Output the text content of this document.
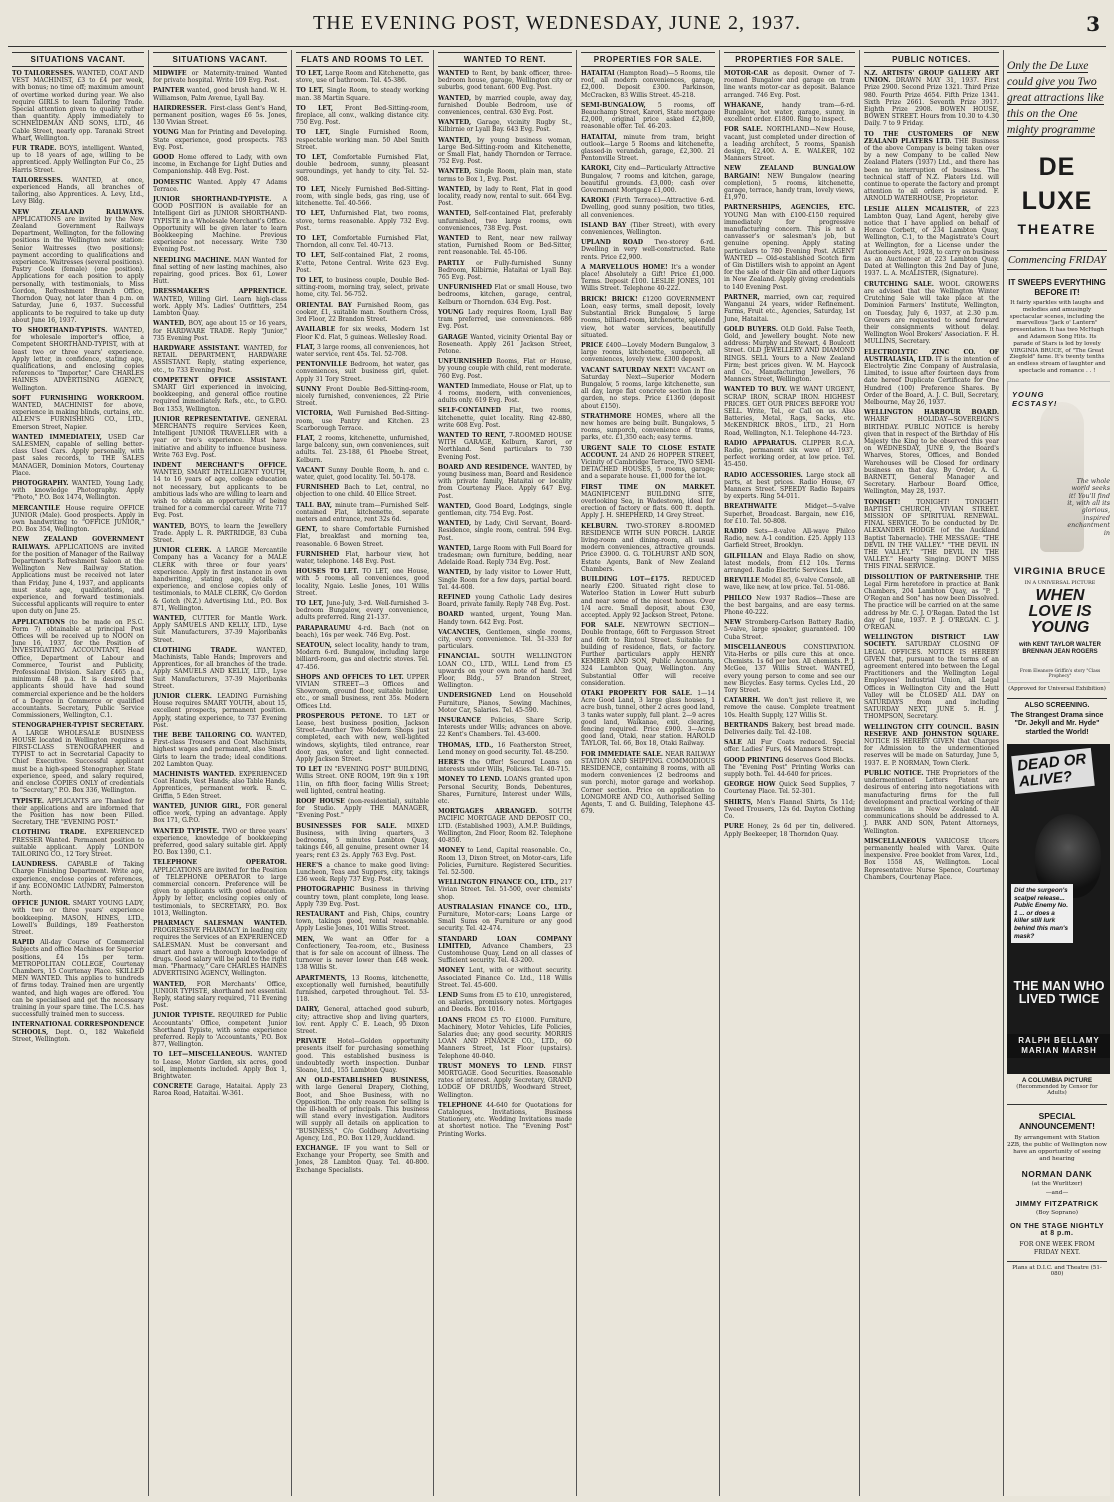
THE EVENING POST, WEDNESDAY, JUNE 2, 1937.	3
SITUATIONS VACANT.
TO TAILORESSES. WANTED, COAT AND VEST MACHINIST, £3 to £4 per week, with bonus; no time off; maximum amount of overtime worked during year. We also require GIRLS to learn Tailoring Trade. Special attention given to quality rather than quantity. Apply immediately to SCHNEIDEMAN AND SONS, LTD., 46 Cable Street, nearly opp. Taranaki Street Wharf, Wellington.
FUR TRADE. BOYS, intelligent. Wanted, up to 18 years of age, willing to be apprenticed. Apply Wellington Fur Co., 25 Harris Street.
TAILORESSES. WANTED, at once, experienced Hands, all branches of tailoring, also Apprentices. A. Levy, Ltd., Levy Bldg.
NEW ZEALAND RAILWAYS. APPLICATIONS are invited by the New Zealand Government Railways Department, Wellington, for the following positions in the Wellington new station: Senior Waitresses (two positions); payment according to qualifications and experience. Waitresses (several positions). Pastry Cook (female) (one position). Applications for each position to apply personally, with testimonials, to Miss Gordon, Refreshment Branch Office, Thorndon Quay, not later than 4 p.m. on Saturday, June 6, 1937. Successful applicants to be required to take up duty about June 16, 1937.
TO SHORTHAND-TYPISTS. WANTED, for wholesale importer's office, a Competent SHORTHAND-TYPIST, with at least two or three years' experience. Apply letter, in confidence, stating age, qualifications, and enclosing copies references to "Importer," Care CHARLES HAINES ADVERTISING AGENCY, Wellington.
SOFT FURNISHING WORKROOM. WANTED, MACHINIST for above, experience in making blinds, curtains, etc. ALLEN'S FURNISHING CO., LTD., Emerson Street, Napier.
WANTED IMMEDIATELY, USED Car SALESMEN, capable of selling better-class Used Cars. Apply personally, with past sales records, to THE SALES MANAGER, Dominion Motors, Courtenay Place.
PHOTOGRAPHY. WANTED, Young Lady, with knowledge Photography. Apply "Photo," P.O. Box 1474, Wellington.
MERCANTILE House require OFFICE JUNIOR (Male). Good prospects. Apply in own handwriting to "OFFICE JUNIOR," P.O. Box 354, Wellington.
NEW ZEALAND GOVERNMENT RAILWAYS. APPLICATIONS are invited for the position of Manager of the Railway Department's Refreshment Saloon at the Wellington New Railway Station. Applications must be received not later than Friday, June 4, 1937, and applicants must state age, qualifications, and experience, and forward testimonials. Successful applicants will require to enter upon duty on June 25.
APPLICATIONS (to be made on P.S.C. Form 7) obtainable at principal Post Offices will be received up to NOON on June 16, 1937, for the Position of INVESTIGATING ACCOUNTANT, Head Office, Department of Labour and Commerce, Tourist and Publicity, Professional Division. Salary £465 p.a., minimum £48 p.a. It is desired that applicants should have had sound commercial experience and be the holders of a Degree in Commerce or qualified accountants. Secretary, Public Service Commissioners, Wellington, C.1.
STENOGRAPHER-TYPIST SECRETARY. A LARGE WHOLESALE BUSINESS HOUSE located in Wellington requires a FIRST-CLASS STENOGRAPHER and TYPIST to act in Secretarial Capacity to Chief Executive. Successful applicant must be a high-speed Stenographer. State experience, speed, and salary required, and enclose COPIES ONLY of credentials to "Secretary," P.O. Box 336, Wellington.
TYPISTE. APPLICANTS are Thanked for their applications and are informed that the Position has now been Filled. Secretary, THE "EVENING POST."
CLOTHING TRADE. EXPERIENCED PRESSER Wanted. Permanent position to suitable applicant. Apply LONDON TAILORING CO., 12 Tory Street.
LAUNDRESS. CAPABLE of Taking Charge Finishing Department. Write age, experience, enclose copies of references, if any. ECONOMIC LAUNDRY, Palmerston North.
OFFICE JUNIOR. SMART YOUNG LADY, with two or three years' experience bookkeeping. MASON, HINES, LTD., Lowell's Buildings, 189 Featherston Street.
RAPID All-day Course of Commercial Subjects and office Machines for Superior positions, £4 15s per term. METROPOLITAN COLLEGE, Courtenay Chambers, 15 Courtenay Place. SKILLED MEN WANTED. This applies to hundreds of firms today. Trained men are urgently wanted, and high wages are offered. You can be specialised and get the necessary training in your spare time. The I.C.S. has successfully trained men to success.
INTERNATIONAL CORRESPONDENCE SCHOOLS, Dept. O., 182 Wakefield Street, Wellington.
SITUATIONS VACANT.
MIDWIFE or Maternity-trained Wanted for private hospital. Write 109 Evg. Post.
PAINTER wanted, good brush hand. W. H. Williamson, Palm Avenue, Lyall Bay.
HAIRDRESSER. First-class Gent's Hand, permanent position, wages £6 5s. Jones, 130 Vivian Street.
YOUNG Man for Printing and Developing. State experience, good prospects. 783 Evg. Post.
GOOD Home offered to Lady, with own income, in Exchange for Light Duties and Companionship. 448 Evg. Post.
DOMESTIC Wanted. Apply 47 Adams Terrace.
JUNIOR SHORTHAND-TYPISTE. A GOOD POSITION is available for an Intelligent Girl as JUNIOR SHORTHAND-TYPISTE in a Wholesale Merchant's Office. Opportunity will be given later to learn Bookkeeping Machine. Previous experience not necessary. Write 730 Evening Post.
NEEDLING MACHINE. MAN Wanted for final setting of new lasting machines, also repairing, good prices. Box 61, Lower Hutt.
DRESSMAKER'S APPRENTICE. WANTED, Willing Girl. Learn high-class work. Apply M's. Ladies' Outfitters, 254 Lambton Quay.
WANTED, BOY, age about 15 or 16 years, for HARDWARE TRADE. Reply "Junior," 735 Evening Post.
HARDWARE ASSISTANT. WANTED, for RETAIL DEPARTMENT, HARDWARE ASSISTANT. Reply, stating experience, etc., to 733 Evening Post.
COMPETENT OFFICE ASSISTANT. SMART Girl experienced in invoicing, bookkeeping, and general office routine required immediately. Refs., etc., to G.P.O. Box 1353, Wellington.
JUNIOR REPRESENTATIVE. GENERAL MERCHANTS require Services Keen, Intelligent JUNIOR TRAVELLER with a year or two's experience. Must have initiative and ability to influence business. Write 763 Evg. Post.
INDENT MERCHANT'S OFFICE. WANTED, SMART INTELLIGENT YOUTH, 14 to 16 years of age, college education not necessary, but applicants to be ambitious lads who are willing to learn and wish to obtain an opportunity of being trained for a commercial career. Write 717 Evg. Post.
WANTED, BOYS, to learn the Jewellery Trade. Apply L. R. PARTRIDGE, 83 Cuba Street.
JUNIOR CLERK. A LARGE Mercantile Company has a Vacancy for a MALE CLERK with three or four years' experience. Apply in first instance in own handwriting, stating age, details of experience, and enclose copies only of testimonials, to MALE CLERK, C/o Gordon & Gotch (N.Z.) Advertising Ltd., P.O. Box 871, Wellington.
WANTED, CUTTER for Mantle Work. Apply SAMUELS AND KELLY, LTD., Lyse Suit Manufacturers, 37-39 Majoribanks Street.
CLOTHING TRADE.	WANTED, Machinists, Table Hands; Improvers and Apprentices, for all branches of the trade. Apply SAMUELS AND KELLY, LTD., Lyse Suit Manufacturers, 37-39 Majoribanks Street.
JUNIOR CLERK. LEADING Furnishing House requires SMART YOUTH, about 15, excellent prospects, permanent position. Apply, stating experience, to 737 Evening Post.
THE BEBE TAILORING CO. WANTED, First-class Trousers and Coat Machinists, highest wages and permanent, also Smart Girls to learn the trade; ideal conditions. 202 Lambton Quay.
MACHINISTS WANTED. EXPERIENCED Coat Hands, Vest Hands; also Table Hands, Apprentices, permanent work. R. C. Griffin, 5 Eden Street.
WANTED, JUNIOR GIRL, FOR general office work, typing an advantage. Apply Box 171, G.P.O.
WANTED TYPISTE. TWO or three years' experience, knowledge of bookkeeping preferred, good salary suitable girl. Apply P.O. Box 1390, C.1.
TELEPHONE OPERATOR. APPLICATIONS are invited for the Position of TELEPHONE OPERATOR to large commercial concern. Preference will be given to applicants with good education. Apply by letter, enclosing copies only of testimonials, to SECRETARY, P.O. Box 1013, Wellington.
PHARMACY SALESMAN WANTED. PROGRESSIVE PHARMACY in leading city requires the Services of an EXPERIENCED SALESMAN. Must be conversant and smart and have a thorough knowledge of drugs. Good salary will be paid to the right man. "Pharmacy," Care CHARLES HAINES ADVERTISING AGENCY, Wellington.
WANTED, FOR Merchants' Office, JUNIOR TYPISTE, shorthand not essential. Reply, stating salary required, 711 Evening Post.
JUNIOR TYPISTE. REQUIRED for Public Accountants' Office, competent Junior Shorthand Typiste, with some experience preferred. Reply to 'Accountants,' P.O. Box 877, Wellington.
TO LET—MISCELLANEOUS. WANTED to Lease, Motor Garden, six acres, good soil, implements included. Apply Box 1, Brightwater.
CONCRETE Garage, Hataitai. Apply 23 Raroa Road, Hataitai. W-361.
FLATS AND ROOMS TO LET.
TO LET, Large Room and Kitchenette, gas stove, use of bathroom. Tel. 45-386.
TO LET, Single Room, to steady working man. 38 Martin Square.
TO LET, Front Bed-Sitting-room, fireplace, all conv., walking distance city. 750 Evg. Post.
TO LET, Single Furnished Room, respectable working man. 50 Abel Smith Street.
TO LET, Comfortable Furnished Flat, double bedroom, sunny, pleasant surroundings, yet handy to city. Tel. 52-908.
TO LET, Nicely Furnished Bed-Sitting-room, with single beds, gas ring, use of kitchenette. Tel. 40-566.
TO LET, Unfurnished Flat, two rooms, stove, terms reasonable. Apply 732 Evg. Post.
TO LET, Comfortable Furnished Flat, Thorndon, all conv. Tel. 40-713.
TO LET, Self-contained Flat, 2 rooms, K'ette, Petone Central. Write 623 Evg. Post.
TO LET, to business couple, Double Bed-sitting-room, morning tray, select, private home, city. Tel. 56-752.
ORIENTAL BAY Furnished Room, gas cooker, £1, suitable man. Southern Cross, 3rd Floor, 22 Brandon Street.
AVAILABLE for six weeks, Modern 1st Floor K'd. Flat, 5 guineas. Wellesley Road.
FLAT, 3 large rooms, all conveniences, hot water service, rent 45s. Tel. 52-708.
PENTONVILLE Bedroom, hot water, gas conveniences, suit business girl, quiet. Apply 31 Tory Street.
SUNNY Front Double Bed-Sitting-room, nicely furnished, conveniences, 22 Pirie Street.
VICTORIA, Well Furnished Bed-Sitting-room, use Pantry and Kitchen. 23 Scarborough Terrace.
FLAT, 2 rooms, kitchenette, unfurnished, large balcony, sun, own conveniences, suit adults. Tel. 23-188, 61 Phoebe Street, Kelburn.
VACANT Sunny Double Room, h. and c. water, quiet, good locality. Tel. 50-178.
FURNISHED Bach to Let, central, no objection to one child. 40 Ellice Street.
TALL BAY, minute tram—Furnished Self-contained Flat, kitchenette, separate meters and entrance, rent 32s 6d.
GENT, to share Comfortable Furnished Flat, breakfast and morning tea, reasonable. 6 Bowen Street.
FURNISHED Flat, harbour view, hot water, telephone. 148 Evg. Post.
HOUSES TO LET. TO LET, one House, with 5 rooms, all conveniences, good locality, Ngaio. Leslie Jones, 101 Willis Street.
TO LET, June-July, 3-rd. Well-furnished 3-bedroom Bungalow, every convenience, adults preferred. Ring 21-137.
PARAPARAUMU 4-rd. Bach (not on beach), 16s per week. 746 Evg. Post.
SEATOUN, select locality, handy to tram, Modern 6-rd. Bungalow, including large billiard-room, gas and electric stoves. Tel. 47-456.
SHOPS AND OFFICES TO LET. UPPER VIVIAN STREET—3 Offices and Showroom, ground floor, suitable builder, etc., or small business, rent 35s. Modern Offices Ltd.
PROSPEROUS PETONE. TO LET or Lease, best business position, Jackson Street—Another Two Modern Shops just completed, each with new, well-lighted windows, skylights, tiled entrance, rear door, gas, water, and light connected. Apply Jackson Street.
TO LET IN "EVENING POST" BUILDING, Willis Street. ONE ROOM, 19ft 9in x 19ft 11in, on fifth floor, facing Willis Street; well lighted, central heating.
ROOF HOUSE (non-residential), suitable for Studio. Apply THE MANAGER, "Evening Post."
BUSINESSES FOR SALE. MIXED Business, with living quarters, 3 bedrooms, 5 minutes Lambton Quay, takings £46, all genuine, present owner 14 years; rent £3 2s. Apply 763 Evg. Post.
HERE'S a chance to make good living: Luncheon, Teas and Suppers, city, takings £36 week. Reply 737 Evg. Post.
PHOTOGRAPHIC Business in thriving country town, plant complete, long lease. Apply 739 Evg. Post.
RESTAURANT and Fish, Chips, country town, takings good, rental reasonable. Apply Leslie Jones, 101 Willis Street.
MEN, We want an Offer for a Confectionery, Tea-room, etc., Business that is for sale on account of illness. The turnover is never lower than £48 week. 138 Willis St.
APARTMENTS, 13 Rooms, kitchenette, exceptionally well furnished, beautifully furnished, carpeted throughout. Tel. 53-118.
DAIRY, General, attached good suburb, city; attractive shop and living quarters, lov. rent. Apply C. E. Leach, 95 Dixon Street.
PRIVATE Hotel—Golden opportunity presents itself for purchasing something good. This established business is undoubtedly worth inspection. Dunbar Sloane, Ltd., 155 Lambton Quay.
AN OLD-ESTABLISHED BUSINESS, with large General Drapery, Clothing, Boot, and Shoe Business, with no Opposition. The only reason for selling is the ill-health of principals. This business will stand every investigation. Auditors will supply all details on application to "BUSINESS," C/o Goldberg Advertising Agency, Ltd., P.O. Box 1129, Auckland.
EXCHANGE. IF you want to Sell or Exchange your Property, see Smith and Jones, 28 Lambton Quay. Tel. 40-800. Exchange Specialists.
WANTED TO RENT.
WANTED to Rent, by bank officer, three-bedroom house, garage, Wellington city or suburbs, good tenant. 600 Evg. Post.
WANTED, by married couple, away day, furnished Double Bedroom, use of conveniences, central. 630 Evg. Post.
WANTED, Garage, vicinity Rugby St., Kilbirnie or Lyall Bay. 643 Evg. Post.
WANTED, by young business woman, Large Bed-Sitting-room and Kitchenette, or Small Flat, handy Thorndon or Terrace. 752 Evg. Post.
WANTED, Single Room, plain man, state terms to Box 1, Evg. Post.
WANTED, by lady to Rent, Flat in good locality, ready now, rental to suit. 664 Evg. Post.
WANTED, Self-contained Flat, preferably unfurnished, two large rooms, own conveniences, 738 Evg. Post.
WANTED to Rent, near new railway station, Furnished Room or Bed-Sitter, rent reasonable. Tel. 45-106.
PARTLY or Fully-furnished Sunny Bedroom, Kilbirnie, Hataitai or Lyall Bay. 765 Evg. Post.
UNFURNISHED Flat or small House, two bedrooms, kitchen, garage, central, Kelburn or Thorndon. 634 Evg. Post.
YOUNG Lady requires Room, Lyall Bay tram preferred, use conveniences. 686 Evg. Post.
GARAGE Wanted, vicinity Oriental Bay or Roseneath. Apply 261 Jackson Street, Petone.
UNFURNISHED Rooms, Flat or House, by young couple with child, rent moderate. 760 Evg. Post.
WANTED Immediate, House or Flat, up to 4 rooms, modern, with conveniences, adults only. 619 Evg. Post.
SELF-CONTAINED Flat, two rooms, kitchenette, quiet locality. Ring 42-880, write 608 Evg. Post.
WANTED TO RENT, 7-ROOMED HOUSE WITH GARAGE, Kelburn, Karori, or Northland. Send particulars to 730 Evening Post.
BOARD AND RESIDENCE. WANTED, by young business man, Board and Residence with private family, Hataitai or locality from Courtenay Place. Apply 647 Evg. Post.
WANTED, Good Board, Lodgings, single gentleman, city. 754 Evg. Post.
WANTED, by Lady, Civil Servant, Board-Residence, single room, central. 594 Evg. Post.
WANTED, Large Room with Full Board for tradesman; own furniture, bedding, near Adelaide Road. Reply 734 Evg. Post.
WANTED, by lady visitor to Lower Hutt, Single Room for a few days, partial board. Tel. 44-608.
REFINED young Catholic Lady desires Board, private family. Reply 748 Evg. Post.
BOARD wanted, urgent, Young Man. Handy town. 642 Evg. Post.
VACANCIES, Gentlemen, single rooms, city, every convenience. Tel. 51-333 for particulars.
FINANCIAL. SOUTH WELLINGTON LOAN CO., LTD., WILL Lend from £5 upwards on your own note of hand. 3rd Floor, Bldg., 57 Brandon Street, Wellington.
UNDERSIGNED Lend on Household Furniture, Pianos, Sewing Machines, Motor Car, Salaries. Tel. 45-590.
INSURANCE Policies, Share Scrip, Interests under Wills; advances on above. 22 Kent's Chambers. Tel. 43-600.
THOMAS, LTD., 16 Featherston Street, Lend money on good security. Tel. 48-250.
HERE'S the Offer! Secured Loans on interests under Wills, Policies. Tel. 40-715.
MONEY TO LEND. LOANS granted upon Personal Security, Bonds, Debentures, Shares, Furniture, Interest under Wills, etc.
MORTGAGES ARRANGED. SOUTH PACIFIC MORTGAGE AND DEPOSIT CO., LTD. (Established 1903), A.M.P. Buildings, Wellington, 2nd Floor, Room 82. Telephone 40-850.
MONEY to Lend, Capital reasonable. Co., Room 13, Dixon Street, on Motor-cars, Life Policies, Furniture. Registered Securities. Tel. 52-500.
WELLINGTON FINANCE CO., LTD., 217 Vivian Street. Tel. 51-500, over chemists' shop.
AUSTRALASIAN FINANCE CO., LTD., Furniture, Motor-cars; Loans Large or Small Sums on Furniture or any good security. Tel. 42-474.
STANDARD LOAN COMPANY LIMITED, Advance Chambers, 23 Customhouse Quay, Lend on all classes of Sufficient security. Tel. 43-200.
MONEY Lent, with or without security. Associated Finance Co. Ltd., 118 Willis Street. Tel. 45-600.
LEND Sums from £5 to £10, unregistered, on salaries, promissory notes. Mortgages and Deeds. Box 1016.
LOANS FROM £5 TO £1000. Furniture, Machinery, Motor Vehicles, Life Policies, Salaries due; any good security. MORRIS LOAN AND FINANCE CO., LTD., 60 Manners Street, 1st Floor (upstairs). Telephone 40-040.
TRUST MONEYS TO LEND. FIRST MORTGAGE. Good Securities. Reasonable rates of interest. Apply Secretary, GRAND LODGE OF DRUIDS, Woodward Street, Wellington.
TELEPHONE 44-640 for Quotations for Catalogues, Invitations, Business Stationery, etc. Wedding Invitations made at shortest notice. The "Evening Post" Printing Works.
PROPERTIES FOR SALE.
HATAITAI (Hampton Road)—5 Rooms, tile roof, all modern conveniences, garage, £2,000. Deposit £300. Parkinson, McCracken, 83 Willis Street. 45-218.
SEMI-BUNGALOW, 5 rooms, off Beauchamp Street, Karori, State mortgage £2,000, original price asked £2,800, reasonable offer. Tel. 46-203.
HATAITAI, minute from tram, bright outlook—Large 5 Rooms and kitchenette, glassed-in verandah, garage, £2,300. 21 Pentonville Street.
KAROKI, City end—Particularly Attractive Bungalow, 7 rooms and kitchen, garage, beautiful grounds. £3,000; cash over Government Mortgage £1,000.
KAROKI (Firth Terrace)—Attractive 6-rd. Dwelling, good sunny position, two titles, all conveniences.
ISLAND BAY (Tiber Street), with every conveniences, Wellington.
UPLAND ROAD Two-storey 6-rd. Dwelling in very well-constructed. Rate rents. Price £2,900.
A MARVELLOUS HOME! It's a wonder place! Absolutely a Gift! Price £1,000. Terms. Deposit £100. LESLIE JONES, 101 Willis Street. Telephone 40-222.
BRICK! BRICK! £1200 GOVERNMENT Loan, easy terms, small deposit, lovely Substantial Brick Bungalow, 5 large rooms, billiard-room, kitchenette, splendid view, hot water services, beautifully situated.
PRICE £400—Lovely Modern Bungalow, 3 large rooms, kitchenette, sunporch, all conveniences, lovely view. £300 deposit.
VACANT SATURDAY NEXT! VACANT on Saturday Next—Superior Modern Bungalow, 5 rooms, large kitchenette, sun all day, large flat concrete section in fine garden, no steps. Price £1360 (deposit about £150).
STRATHMORE HOMES, where all the new homes are being built. Bungalows, 5 rooms, sunporch, convenience of trams, parks, etc. £1,350 each; easy terms.
URGENT SALE TO CLOSE ESTATE ACCOUNT. 24 AND 26 HOPPER STREET, Vicinity of Cambridge Terrace, TWO SEMI-DETACHED HOUSES, 5 rooms, garage; and a separate house. £1,000 for the lot.
FIRST TIME ON MARKET. MAGNIFICENT BUILDING SITE, overlooking Sea, in Wadestown, ideal for erection of factory or flats. 600 ft. depth. Apply J. H. SHEPHERD, 14 Grey Street.
KELBURN. TWO-STOREY 8-ROOMED RESIDENCE WITH SUN PORCH. LARGE living-room and dining-room, all usual modern conveniences, attractive grounds. Price £3900. G. G. TOLHURST AND SON, Estate Agents, Bank of New Zealand Chambers.
BUILDING LOT—£175. REDUCED nearly £200. Situated right close to Waterloo Station in Lower Hutt suburb and near some of the nicest homes. Over 1/4 acre. Small deposit, about £30, accepted. Apply 92 Jackson Street, Petone.
FOR SALE. NEWTOWN SECTION—Double frontage, 66ft to Fergusson Street and 66ft to Rintoul Street. Suitable for building of residence, flats, or factory. Further particulars apply HENRY KEMBER AND SON, Public Accountants, 324 Lambton Quay, Wellington. Any Substantial Offer will receive consideration.
OTAKI PROPERTY FOR SALE. 1—14 Acre Good Land, 3 large glass houses, 1 acre bush, tunnel, other 2 acres good land, 3 tanks water supply, full plant. 2—9 acres good land, Waikanae, exit, clearing, fencing required. Price £900. 3—Acres good land, Otaki, near station. HAROLD TAYLOR, Tel. 66, Box 18, Otaki Railway.
FOR IMMEDIATE SALE. NEAR RAILWAY STATION AND SHIPPING. COMMODIOUS RESIDENCE, containing 8 rooms, with all modern conveniences (2 bedrooms and sun porch), motor garage and workshop. Corner section. Price on application to LONGMORE AND CO., Authorised Selling Agents, T. and G. Building, Telephone 43-679.
PROPERTIES FOR SALE.
MOTOR-CAR as deposit. Owner of 7-roomed Bungalow and garage on tram line wants motor-car as deposit. Balance arranged. 746 Evg. Post.
WHAKANE,	handy tram—6-rd. Bungalow, hot water, garage, sunny, in excellent order. £1800. Ring to inspect.
FOR SALE. NORTHLAND—New House, vacant, just completed under direction of a leading architect, 5 rooms, Spanish design, £2,400. A. E. WALKER, 102 Manners Street.
NEW ZEALAND BUNGALOW BARGAIN! NEW Bungalow (nearing completion), 5 rooms, kitchenette, garage, terrace, handy tram, lovely views, £1,970.
PARTNERSHIPS, AGENCIES, ETC. YOUNG Man with £100-£150 required immediately for progressive manufacturing concern. This is not a canvasser's or salesman's job, but genuine opening. Apply stating particulars to 780 Evening Post. AGENT WANTED — Old-established Scotch firm of Gin Distillers wish to appoint an Agent for the sale of their Gin and other Liquors in New Zealand. Apply giving credentials to 140 Evening Post.
PARTNER, married, own car, required Wanganui 24 years, wider Refinement. Farms, Fruit etc., Agencies, Saturday, 1st June, Hataitai.
GOLD BUYERS. OLD Gold. False Teeth, Gold, and Jewellery bought. Note new address: Murphy and Stewart, 4 Boulcott Street. OLD JEWELLERY AND DIAMOND RINGS. SELL Yours to a New Zealand Firm; best prices given. W. M. Haycock and Co., Manufacturing Jewellers, 76 Manners Street, Wellington.
WANTED TO BUY. WE WANT URGENT, SCRAP IRON, SCRAP IRON. HIGHEST PRICES. GET OUR PRICES BEFORE YOU SELL. Write, Tel., or Call on us. Also Batteries, Metal, Rags, Sacks, etc. McKENDRICK BROS., LTD., 21 Horn Road, Wellington, N.1. Telephone 44-723.
RADIO APPARATUS. CLIPPER R.C.A. Radio, permanent six wave of 1937, perfect working order, at low price. Tel. 45-450.
RADIO ACCESSORIES. Large stock all parts, at best prices. Radio House, 67 Manners Street. SPEEDY Radio Repairs by experts. Ring 54-011.
BREATHWAITE	Midget—5-valve Superhet, Broadcast. Bargain, new £16, for £10. Tel. 50-808.
RADIO Sets—8-valve All-wave Philco Radio, new. A-1 condition. £25. Apply 113 Garfield Street, Brooklyn.
GILFILLAN and Elaya Radio on show, latest models, from £12 10s. Terms arranged. Radio Electric Services Ltd.
BREVILLE Model 85, 6-valve Console, all wave, like new, at low price. Tel. 51-086.
PHILCO New 1937 Radios—These are the best bargains, and are easy terms. Phone 40-222.
NEW Stromberg-Carlson Battery Radio, 5-valve, large speaker, guaranteed. 100 Cuba Street.
MISCELLANEOUS	CONSTIPATION. Vita-Herbs or pills cure this at once. Chemists. 1s 6d per box. All chemists. P. J. McGee, 137 Willis Street. WANTED, every young person to come and see our new Bicycles. Easy terms. Cycles Ltd., 20 Tory Street.
CATARRH. We don't just relieve it, we remove the cause. Complete treatment 10s. Health Supply, 127 Willis St.
BERTRANDS Bakery, best bread made. Deliveries daily. Tel. 42-108.
SALE All Fur Coats reduced. Special offer. Ladies' Furs, 64 Manners Street.
GOOD PRINTING deserves Good Blocks. The "Evening Post" Printing Works can supply both. Tel. 44-640 for prices.
GEORGE HOW Quick Seed Supplies, 7 Courtenay Place. Tel. 52-301.
SHIRTS, Men's Flannel Shirts, 5s 11d; Tweed Trousers, 12s 6d. Dayton Clothing Co.
PURE Honey, 2s 6d per tin, delivered. Apply Beekeeper, 18 Thorndon Quay.
PUBLIC NOTICES.
N.Z. ARTISTS' GROUP GALLERY ART UNION. DRAWN MAY 31, 1937. First Prize 2900. Second Prize 1321. Third Prize 980. Fourth Prize 4654. Fifth Prize 1341. Sixth Prize 2661. Seventh Prize 3917. Eighth Prize 2908. BOWEN HOUSE, BOWEN STREET. Hours from 10.30 to 4.30 Daily. 7 to 9 Friday.
TO THE CUSTOMERS OF NEW ZEALAND PLATERS LTD. THE Business of the above Company is being taken over by a new Company to be called New Zealand Platers (1937) Ltd., and there has been no interruption of business. The technical staff of N.Z. Platers Ltd. will continue to operate the factory and prompt attention to all orders is assured. F. ARNOLD WATERHOUSE, Proprietor.
LESLIE ALLEN MCALISTER, of 223 Lambton Quay, Land Agent, hereby give notice that I have applied on behalf of Horace Corbett, of 234 Lambton Quay, Wellington, C.1, to the Magistrate's Court at Wellington, for a License under the Auctioneers Act, 1928, to carry on business as an Auctioneer at 223 Lambton Quay. Dated at Wellington this 2nd Day of June, 1937. L. A. McALISTER, (Signature).
CRUTCHING SALE. WOOL GROWERS are advised that the Wellington Winter Crutching Sale will take place at the Dominion Farmers' Institute, Wellington, on Tuesday, July 6, 1937, at 2.30 p.m. Growers are requested to send forward their consignments without delay. Wellington Wool Brokers' Association. F. H. MULLINS, Secretary.
ELECTROLYTIC ZINC CO. OF AUSTRALASIA, LTD. IT is the intention of Electrolytic Zinc Company of Australasia, Limited, to issue after fourteen days from date hereof Duplicate Certificate for One Hundred (100) Preference Shares. By Order of the Board, A. J. C. Bull, Secretary, Melbourne, May 26, 1937.
WELLINGTON HARBOUR BOARD. WHARF HOLIDAY—SOVEREIGN'S BIRTHDAY. PUBLIC NOTICE is hereby given that in respect of the Birthday of His Majesty the King to be observed this year on WEDNESDAY, JUNE 9, the Board's Wharves, Stores, Offices, and Bonded Warehouses will be Closed for ordinary business on that day. By Order, A. G. BARNETT, General Manager and Secretary. Harbour Board Office, Wellington, May 28, 1937.
TONIGHT!	TONIGHT! TONIGHT! BAPTIST CHURCH, VIVIAN STREET. MISSION OF SPIRITUAL RENEWAL. FINAL SERVICE. To be conducted by Dr. ALEXANDER HODGE (of the Auckland Baptist Tabernacle). THE MESSAGE: "THE DEVIL IN THE VALLEY." "THE DEVIL IN THE VALLEY." "THE DEVIL IN THE VALLEY." Hearty Singing. DON'T MISS THIS FINAL SERVICE.
DISSOLUTION OF PARTNERSHIP. THE Legal Firm heretofore in practice at Bank Chambers, 204 Lambton Quay, as "P. J. O'Regan and Son" has now been Dissolved. The practice will be carried on at the same address by Mr. C. J. O'Regan. Dated the 1st day of June, 1937. P. J. O'REGAN. C. J. O'REGAN.
WELLINGTON DISTRICT LAW SOCIETY. SATURDAY CLOSING OF LEGAL OFFICES. NOTICE IS HEREBY GIVEN that, pursuant to the terms of an agreement entered into between the Legal Practitioners and the Wellington Legal Employees' Industrial Union, all Legal Offices in Wellington City and the Hutt Valley will be CLOSED ALL DAY on SATURDAYS from and including SATURDAY NEXT, JUNE 5. H. J. THOMPSON, Secretary.
WELLINGTON CITY COUNCIL. BASIN RESERVE AND JOHNSTON SQUARE. NOTICE IS HEREBY GIVEN that Charges for Admission to the undermentioned reserves will be made on Saturday, June 5, 1937. E. P. NORMAN, Town Clerk.
PUBLIC NOTICE. THE Proprietors of the undermentioned Letters Patent are desirous of entering into negotiations with manufacturing firms for the full development and practical working of their inventions in New Zealand. All communications should be addressed to A. J. PARK AND SON, Patent Attorneys, Wellington.
MISCELLANEOUS VARICOSE Ulcers permanently healed with Varex. Quite inexpensive. Free booklet from Varex, Ltd., Box 1558 AS, Wellington. Local Representative: Nurse Spence, Courtenay Chambers, Courtenay Place.
Only the De Luxe could give you Two great attractions like this on the One mighty programme
DE LUXE
THEATRE
Commencing FRIDAY
IT SWEEPS EVERYTHING BEFORE IT!
It fairly sparkles with laughs and melodies and amusingly spectacular scenes, including the marvellous "Jack o' Lantern" presentation. It has two McHugh and Adamson Song Hits. Its parade of Stars is led by lovely VIRGINIA BRUCE, of "The Great Ziegfeld" fame. It's twenty tenths an endless stream of laughter and spectacle and romance . . !
YOUNG ECSTASY!
The whole world seeks it! You'll find it, with all its glorious, inspired enchantment in
VIRGINIA BRUCE
IN A UNIVERSAL PICTURE
WHEN LOVE IS YOUNG
with KENT TAYLOR WALTER BRENNAN JEAN ROGERS
From Eleanore Griffin's story "Class Prophecy"
(Approved for Universal Exhibition)
ALSO SCREENING.
The Strangest Drama since "Dr. Jekyll and Mr. Hyde" startled the World!
DEAD OR ALIVE?
Did the surgeon's scalpel release... Public Enemy No. 1 ... or does a killer still lurk behind this man's mask?
THE MAN WHO LIVED TWICE
RALPH BELLAMY MARIAN MARSH
A COLUMBIA PICTURE
(Recommended by Censor for Adults)
SPECIAL ANNOUNCEMENT!
By arrangement with Station 2ZB, the public of Wellington now have an opportunity of seeing and hearing
NORMAN DANK
(at the Wurlitzer)
—and—
JIMMY FITZPATRICK
(Boy Soprano)
ON THE STAGE NIGHTLY at 8 p.m.
FOR ONE WEEK FROM FRIDAY NEXT.
Plans at D.I.C. and Theatre (51-080)
